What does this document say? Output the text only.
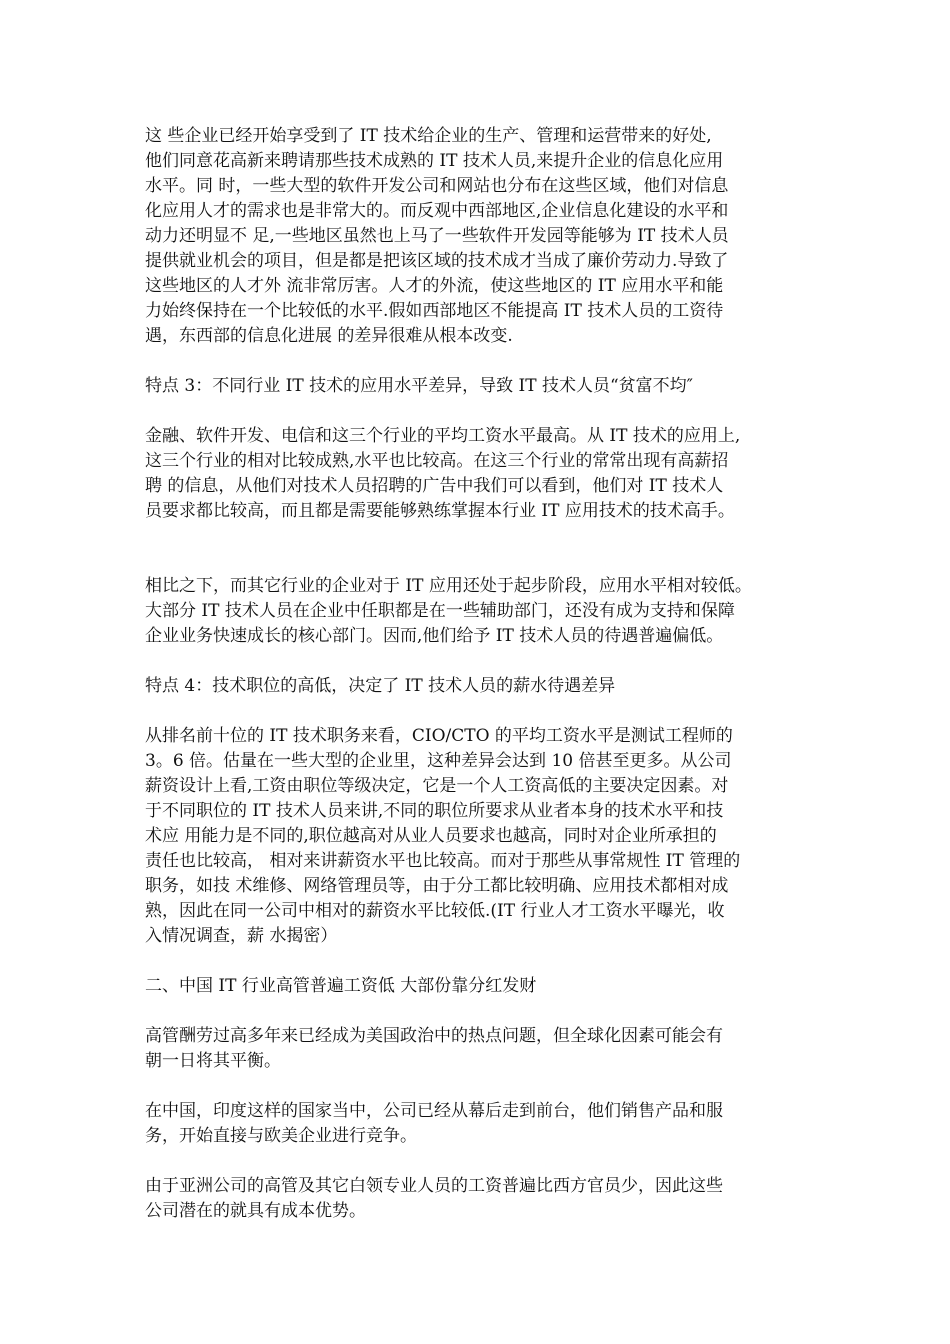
这 些企业已经开始享受到了 IT 技术给企业的生产、管理和运营带来的好处,
他们同意花高新来聘请那些技术成熟的 IT 技术人员,来提升企业的信息化应用
水平。同 时，一些大型的软件开发公司和网站也分布在这些区域，他们对信息
化应用人才的需求也是非常大的。而反观中西部地区,企业信息化建设的水平和
动力还明显不 足,一些地区虽然也上马了一些软件开发园等能够为 IT 技术人员
提供就业机会的项目，但是都是把该区域的技术成才当成了廉价劳动力.导致了
这些地区的人才外 流非常厉害。人才的外流，使这些地区的 IT 应用水平和能
力始终保持在一个比较低的水平.假如西部地区不能提高 IT 技术人员的工资待
遇，东西部的信息化进展 的差异很难从根本改变.
特点 3：不同行业 IT 技术的应用水平差异，导致 IT 技术人员“贫富不均″
金融、软件开发、电信和这三个行业的平均工资水平最高。从 IT 技术的应用上,
这三个行业的相对比较成熟,水平也比较高。在这三个行业的常常出现有高薪招
聘 的信息，从他们对技术人员招聘的广告中我们可以看到，他们对 IT 技术人
员要求都比较高，而且都是需要能够熟练掌握本行业 IT 应用技术的技术高手。
相比之下，而其它行业的企业对于 IT 应用还处于起步阶段，应用水平相对较低。
大部分 IT 技术人员在企业中任职都是在一些辅助部门，还没有成为支持和保障
企业业务快速成长的核心部门。因而,他们给予 IT 技术人员的待遇普遍偏低。
特点 4：技术职位的高低，决定了 IT 技术人员的薪水待遇差异
从排名前十位的 IT 技术职务来看，CIO/CTO 的平均工资水平是测试工程师的
3。6 倍。估量在一些大型的企业里，这种差异会达到 10 倍甚至更多。从公司
薪资设计上看,工资由职位等级决定，它是一个人工资高低的主要决定因素。对
于不同职位的 IT 技术人员来讲,不同的职位所要求从业者本身的技术水平和技
术应 用能力是不同的,职位越高对从业人员要求也越高，同时对企业所承担的
责任也比较高， 相对来讲薪资水平也比较高。而对于那些从事常规性 IT 管理的
职务，如技 术维修、网络管理员等，由于分工都比较明确、应用技术都相对成
熟，因此在同一公司中相对的薪资水平比较低.(IT 行业人才工资水平曝光，收
入情况调查，薪 水揭密）
二、中国 IT 行业高管普遍工资低 大部份靠分红发财
高管酬劳过高多年来已经成为美国政治中的热点问题，但全球化因素可能会有
朝一日将其平衡。
在中国，印度这样的国家当中，公司已经从幕后走到前台，他们销售产品和服
务，开始直接与欧美企业进行竞争。
由于亚洲公司的高管及其它白领专业人员的工资普遍比西方官员少，因此这些
公司潜在的就具有成本优势。
